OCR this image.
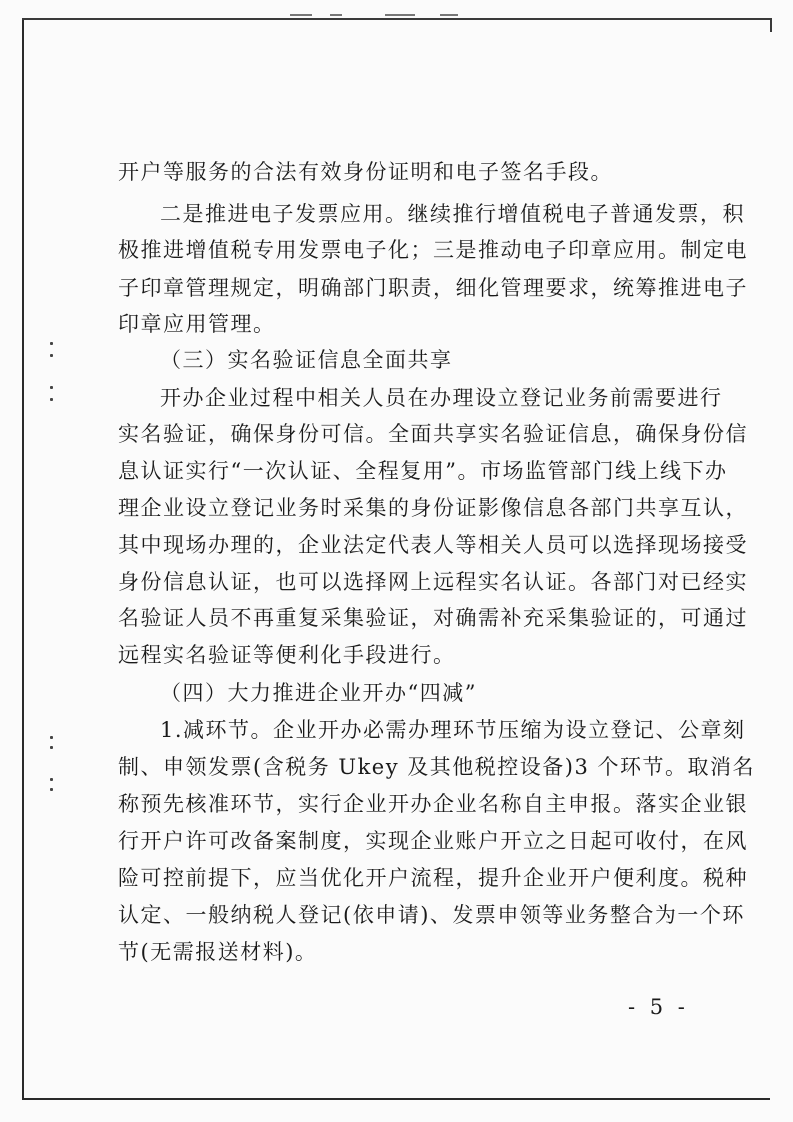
开户等服务的合法有效身份证明和电子签名手段。
二是推进电子发票应用。继续推行增值税电子普通发票，积
极推进增值税专用发票电子化；三是推动电子印章应用。制定电
子印章管理规定，明确部门职责，细化管理要求，统筹推进电子
印章应用管理。
（三）实名验证信息全面共享
开办企业过程中相关人员在办理设立登记业务前需要进行
实名验证，确保身份可信。全面共享实名验证信息，确保身份信
息认证实行“一次认证、全程复用”。市场监管部门线上线下办
理企业设立登记业务时采集的身份证影像信息各部门共享互认，
其中现场办理的，企业法定代表人等相关人员可以选择现场接受
身份信息认证，也可以选择网上远程实名认证。各部门对已经实
名验证人员不再重复采集验证，对确需补充采集验证的，可通过
远程实名验证等便利化手段进行。
（四）大力推进企业开办“四减”
1.减环节。企业开办必需办理环节压缩为设立登记、公章刻
制、申领发票(含税务 Ukey 及其他税控设备)3 个环节。取消名
称预先核准环节，实行企业开办企业名称自主申报。落实企业银
行开户许可改备案制度，实现企业账户开立之日起可收付，在风
险可控前提下，应当优化开户流程，提升企业开户便利度。税种
认定、一般纳税人登记(依申请)、发票申领等业务整合为一个环
节(无需报送材料)。
- 5 -
